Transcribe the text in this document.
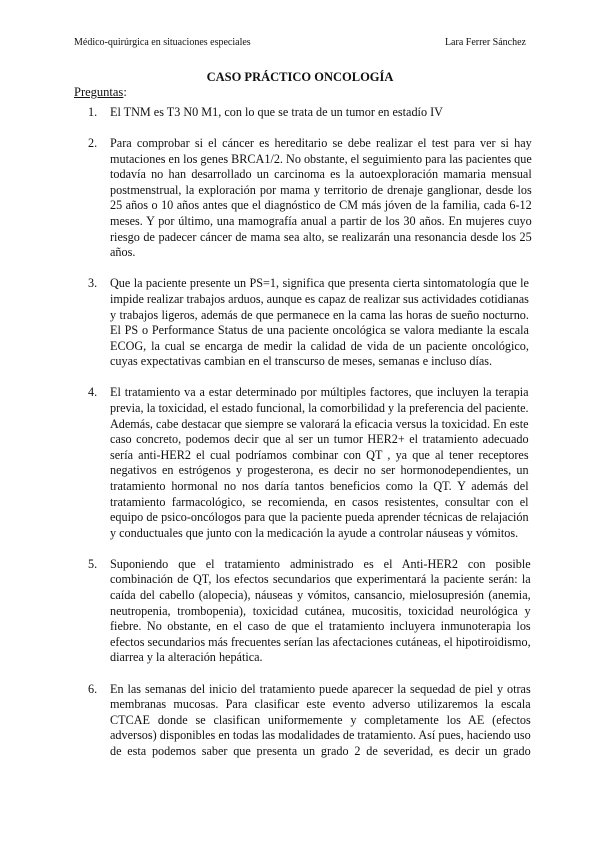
Médico-quirúrgica en situaciones especiales	Lara Ferrer Sánchez
CASO PRÁCTICO ONCOLOGÍA
Preguntas:
1.	El TNM es T3 N0 M1, con lo que se trata de un tumor en estadío IV
2.	Para comprobar si el cáncer es hereditario se debe realizar el test para ver si hay
mutaciones en los genes BRCA1/2. No obstante, el seguimiento para las pacientes que
todavía no han desarrollado un carcinoma es la autoexploración mamaria mensual
postmenstrual, la exploración por mama y territorio de drenaje ganglionar, desde los
25 años o 10 años antes que el diagnóstico de CM más jóven de la familia, cada 6-12
meses. Y por último, una mamografía anual a partir de los 30 años. En mujeres cuyo
riesgo de padecer cáncer de mama sea alto, se realizarán una resonancia desde los 25
años.
3.	Que la paciente presente un PS=1, significa que presenta cierta sintomatología que le
impide realizar trabajos arduos, aunque es capaz de realizar sus actividades cotidianas
y trabajos ligeros, además de que permanece en la cama las horas de sueño nocturno.
El PS o Performance Status de una paciente oncológica se valora mediante la escala
ECOG, la cual se encarga de medir la calidad de vida de un paciente oncológico,
cuyas expectativas cambian en el transcurso de meses, semanas e incluso días.
4.	El tratamiento va a estar determinado por múltiples factores, que incluyen la terapia
previa, la toxicidad, el estado funcional, la comorbilidad y la preferencia del paciente.
Además, cabe destacar que siempre se valorará la eficacia versus la toxicidad. En este
caso concreto, podemos decir que al ser un tumor HER2+ el tratamiento adecuado
sería anti-HER2 el cual podríamos combinar con QT , ya que al tener receptores
negativos en estrógenos y progesterona, es decir no ser hormonodependientes, un
tratamiento hormonal no nos daría tantos beneficios como la QT. Y además del
tratamiento farmacológico, se recomienda, en casos resistentes, consultar con el
equipo de psico-oncólogos para que la paciente pueda aprender técnicas de relajación
y conductuales que junto con la medicación la ayude a controlar náuseas y vómitos.
5.	Suponiendo que el tratamiento administrado es el Anti-HER2 con posible
combinación de QT, los efectos secundarios que experimentará la paciente serán: la
caída del cabello (alopecia), náuseas y vómitos, cansancio, mielosupresión (anemia,
neutropenia, trombopenia), toxicidad cutánea, mucositis, toxicidad neurológica y
fiebre. No obstante, en el caso de que el tratamiento incluyera inmunoterapia los
efectos secundarios más frecuentes serían las afectaciones cutáneas, el hipotiroidismo,
diarrea y la alteración hepática.
6.	En las semanas del inicio del tratamiento puede aparecer la sequedad de piel y otras
membranas mucosas. Para clasificar este evento adverso utilizaremos la escala
CTCAE donde se clasifican uniformemente y completamente los AE (efectos
adversos) disponibles en todas las modalidades de tratamiento. Así pues, haciendo uso
de esta podemos saber que presenta un grado 2 de severidad, es decir un grado
